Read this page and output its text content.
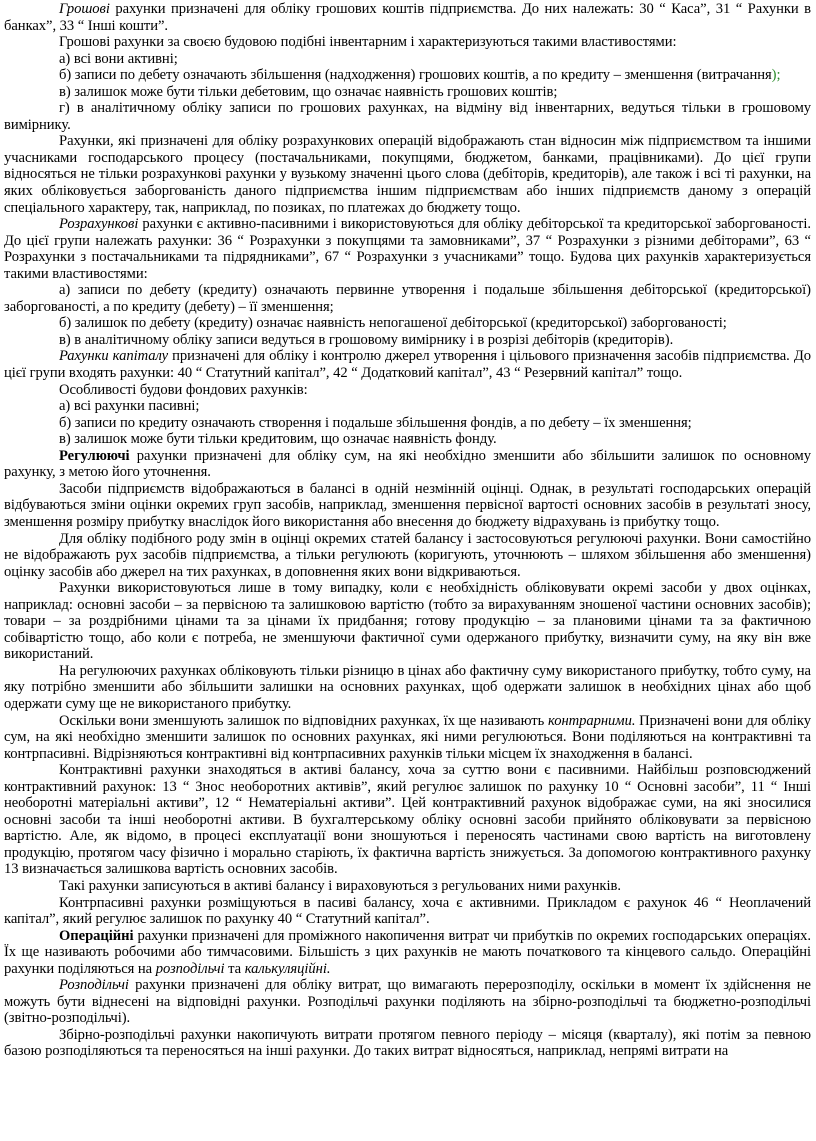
Грошові рахунки призначені для обліку грошових коштів підприємства. До них належать: 30 “ Каса”, 31 “ Рахунки в банках”, 33 “ Інші кошти”.

Грошові рахунки за своєю будовою подібні інвентарним і характеризуються такими властивостями:

а) всі вони активні;

б) записи по дебету означають збільшення (надходження) грошових коштів, а по кредиту – зменшення (витрачання);

в) залишок може бути тільки дебетовим, що означає наявність грошових коштів;

г) в аналітичному обліку записи по грошових рахунках, на відміну від інвентарних, ведуться тільки в грошовому вимірнику.

Рахунки, які призначені для обліку розрахункових операцій відображають стан відносин між підприємством та іншими учасниками господарського процесу (постачальниками, покупцями, бюджетом, банками, працівниками). До цієї групи відносяться не тільки розрахункові рахунки у вузькому значенні цього слова (дебіторів, кредиторів), але також і всі ті рахунки, на яких обліковується заборгованість даного підприємства іншим підприємствам або інших підприємств даному з операцій спеціального характеру, так, наприклад, по позиках, по платежах до бюджету тощо.

Розрахункові рахунки є активно-пасивними і використовуються для обліку дебіторської та кредиторської заборгованості. До цієї групи належать рахунки: 36 “ Розрахунки з покупцями та замовниками”, 37 “ Розрахунки з різними дебіторами”, 63 “ Розрахунки з постачальниками та підрядниками”, 67 “ Розрахунки з учасниками” тощо. Будова цих рахунків характеризується такими властивостями:

а) записи по дебету (кредиту) означають первинне утворення і подальше збільшення дебіторської (кредиторської) заборгованості, а по кредиту (дебету) – її зменшення;

б) залишок по дебету (кредиту) означає наявність непогашеної дебіторської (кредиторської) заборгованості;

в) в аналітичному обліку записи ведуться в грошовому вимірнику і в розрізі дебіторів (кредиторів).

Рахунки капіталу призначені для обліку і контролю джерел утворення і цільового призначення засобів підприємства. До цієї групи входять рахунки: 40 “ Статутний капітал”, 42 “ Додатковий капітал”, 43 “ Резервний капітал” тощо.

Особливості будови фондових рахунків:

а) всі рахунки пасивні;

б) записи по кредиту означають створення і подальше збільшення фондів, а по дебету – їх зменшення;

в) залишок може бути тільки кредитовим, що означає наявність фонду.

Регулюючі рахунки призначені для обліку сум, на які необхідно зменшити або збільшити залишок по основному рахунку, з метою його уточнення.

Засоби підприємств відображаються в балансі в одній незмінній оцінці. Однак, в результаті господарських операцій відбуваються зміни оцінки окремих груп засобів, наприклад, зменшення первісної вартості основних засобів в результаті зносу, зменшення розміру прибутку внаслідок його використання або внесення до бюджету відрахувань із прибутку тощо.

Для обліку подібного роду змін в оцінці окремих статей балансу і застосовуються регулюючі рахунки. Вони самостійно не відображають рух засобів підприємства, а тільки регулюють (коригують, уточнюють – шляхом збільшення або зменшення) оцінку засобів або джерел на тих рахунках, в доповнення яких вони відкриваються.

Рахунки використовуються лише в тому випадку, коли є необхідність обліковувати окремі засоби у двох оцінках, наприклад: основні засоби – за первісною та залишковою вартістю (тобто за вирахуванням зношеної частини основних засобів); товари – за роздрібними цінами та за цінами їх придбання; готову продукцію – за плановими цінами та за фактичною собівартістю тощо, або коли є потреба, не зменшуючи фактичної суми одержаного прибутку, визначити суму, на яку він вже використаний.

На регулюючих рахунках обліковують тільки різницю в цінах або фактичну суму використаного прибутку, тобто суму, на яку потрібно зменшити або збільшити залишки на основних рахунках, щоб одержати залишок в необхідних цінах або щоб одержати суму ще не використаного прибутку.

Оскільки вони зменшують залишок по відповідних рахунках, їх ще називають контрарними. Призначені вони для обліку сум, на які необхідно зменшити залишок по основних рахунках, які ними регулюються. Вони поділяються на контрактивні та контрпасивні. Відрізняються контрактивні від контрпасивних рахунків тільки місцем їх знаходження в балансі.

Контрактивні рахунки знаходяться в активі балансу, хоча за суттю вони є пасивними. Найбільш розповсюджений контрактивний рахунок: 13 “ Знос необоротних активів”, який регулює залишок по рахунку 10 “ Основні засоби”, 11 “ Інші необоротні матеріальні активи”, 12 “ Нематеріальні активи”. Цей контрактивний рахунок відображає суми, на які зносилися основні засоби та інші необоротні активи. В бухгалтерському обліку основні засоби прийнято обліковувати за первісною вартістю. Але, як відомо, в процесі експлуатації вони зношуються і переносять частинами свою вартість на виготовлену продукцію, протягом часу фізично і морально старіють, їх фактична вартість знижується. За допомогою контрактивного рахунку 13 визначається залишкова вартість основних засобів.

Такі рахунки записуються в активі балансу і вираховуються з регульованих ними рахунків.

Контрпасивні рахунки розміщуються в пасиві балансу, хоча є активними. Прикладом є рахунок 46 “ Неоплачений капітал”, який регулює залишок по рахунку 40 “ Статутний капітал”.

Операційні рахунки призначені для проміжного накопичення витрат чи прибутків по окремих господарських операціях. Їх ще називають робочими або тимчасовими. Більшість з цих рахунків не мають початкового та кінцевого сальдо. Операційні рахунки поділяються на розподільчі та калькуляційні.

Розподільчі рахунки призначені для обліку витрат, що вимагають перерозподілу, оскільки в момент їх здійснення не можуть бути віднесені на відповідні рахунки. Розподільчі рахунки поділяють на збірно-розподільчі та бюджетно-розподільчі (звітно-розподільчі).

Збірно-розподільчі рахунки накопичують витрати протягом певного періоду – місяця (кварталу), які потім за певною базою розподіляються та переносяться на інші рахунки. До таких витрат відносяться, наприклад, непрямі витрати на
